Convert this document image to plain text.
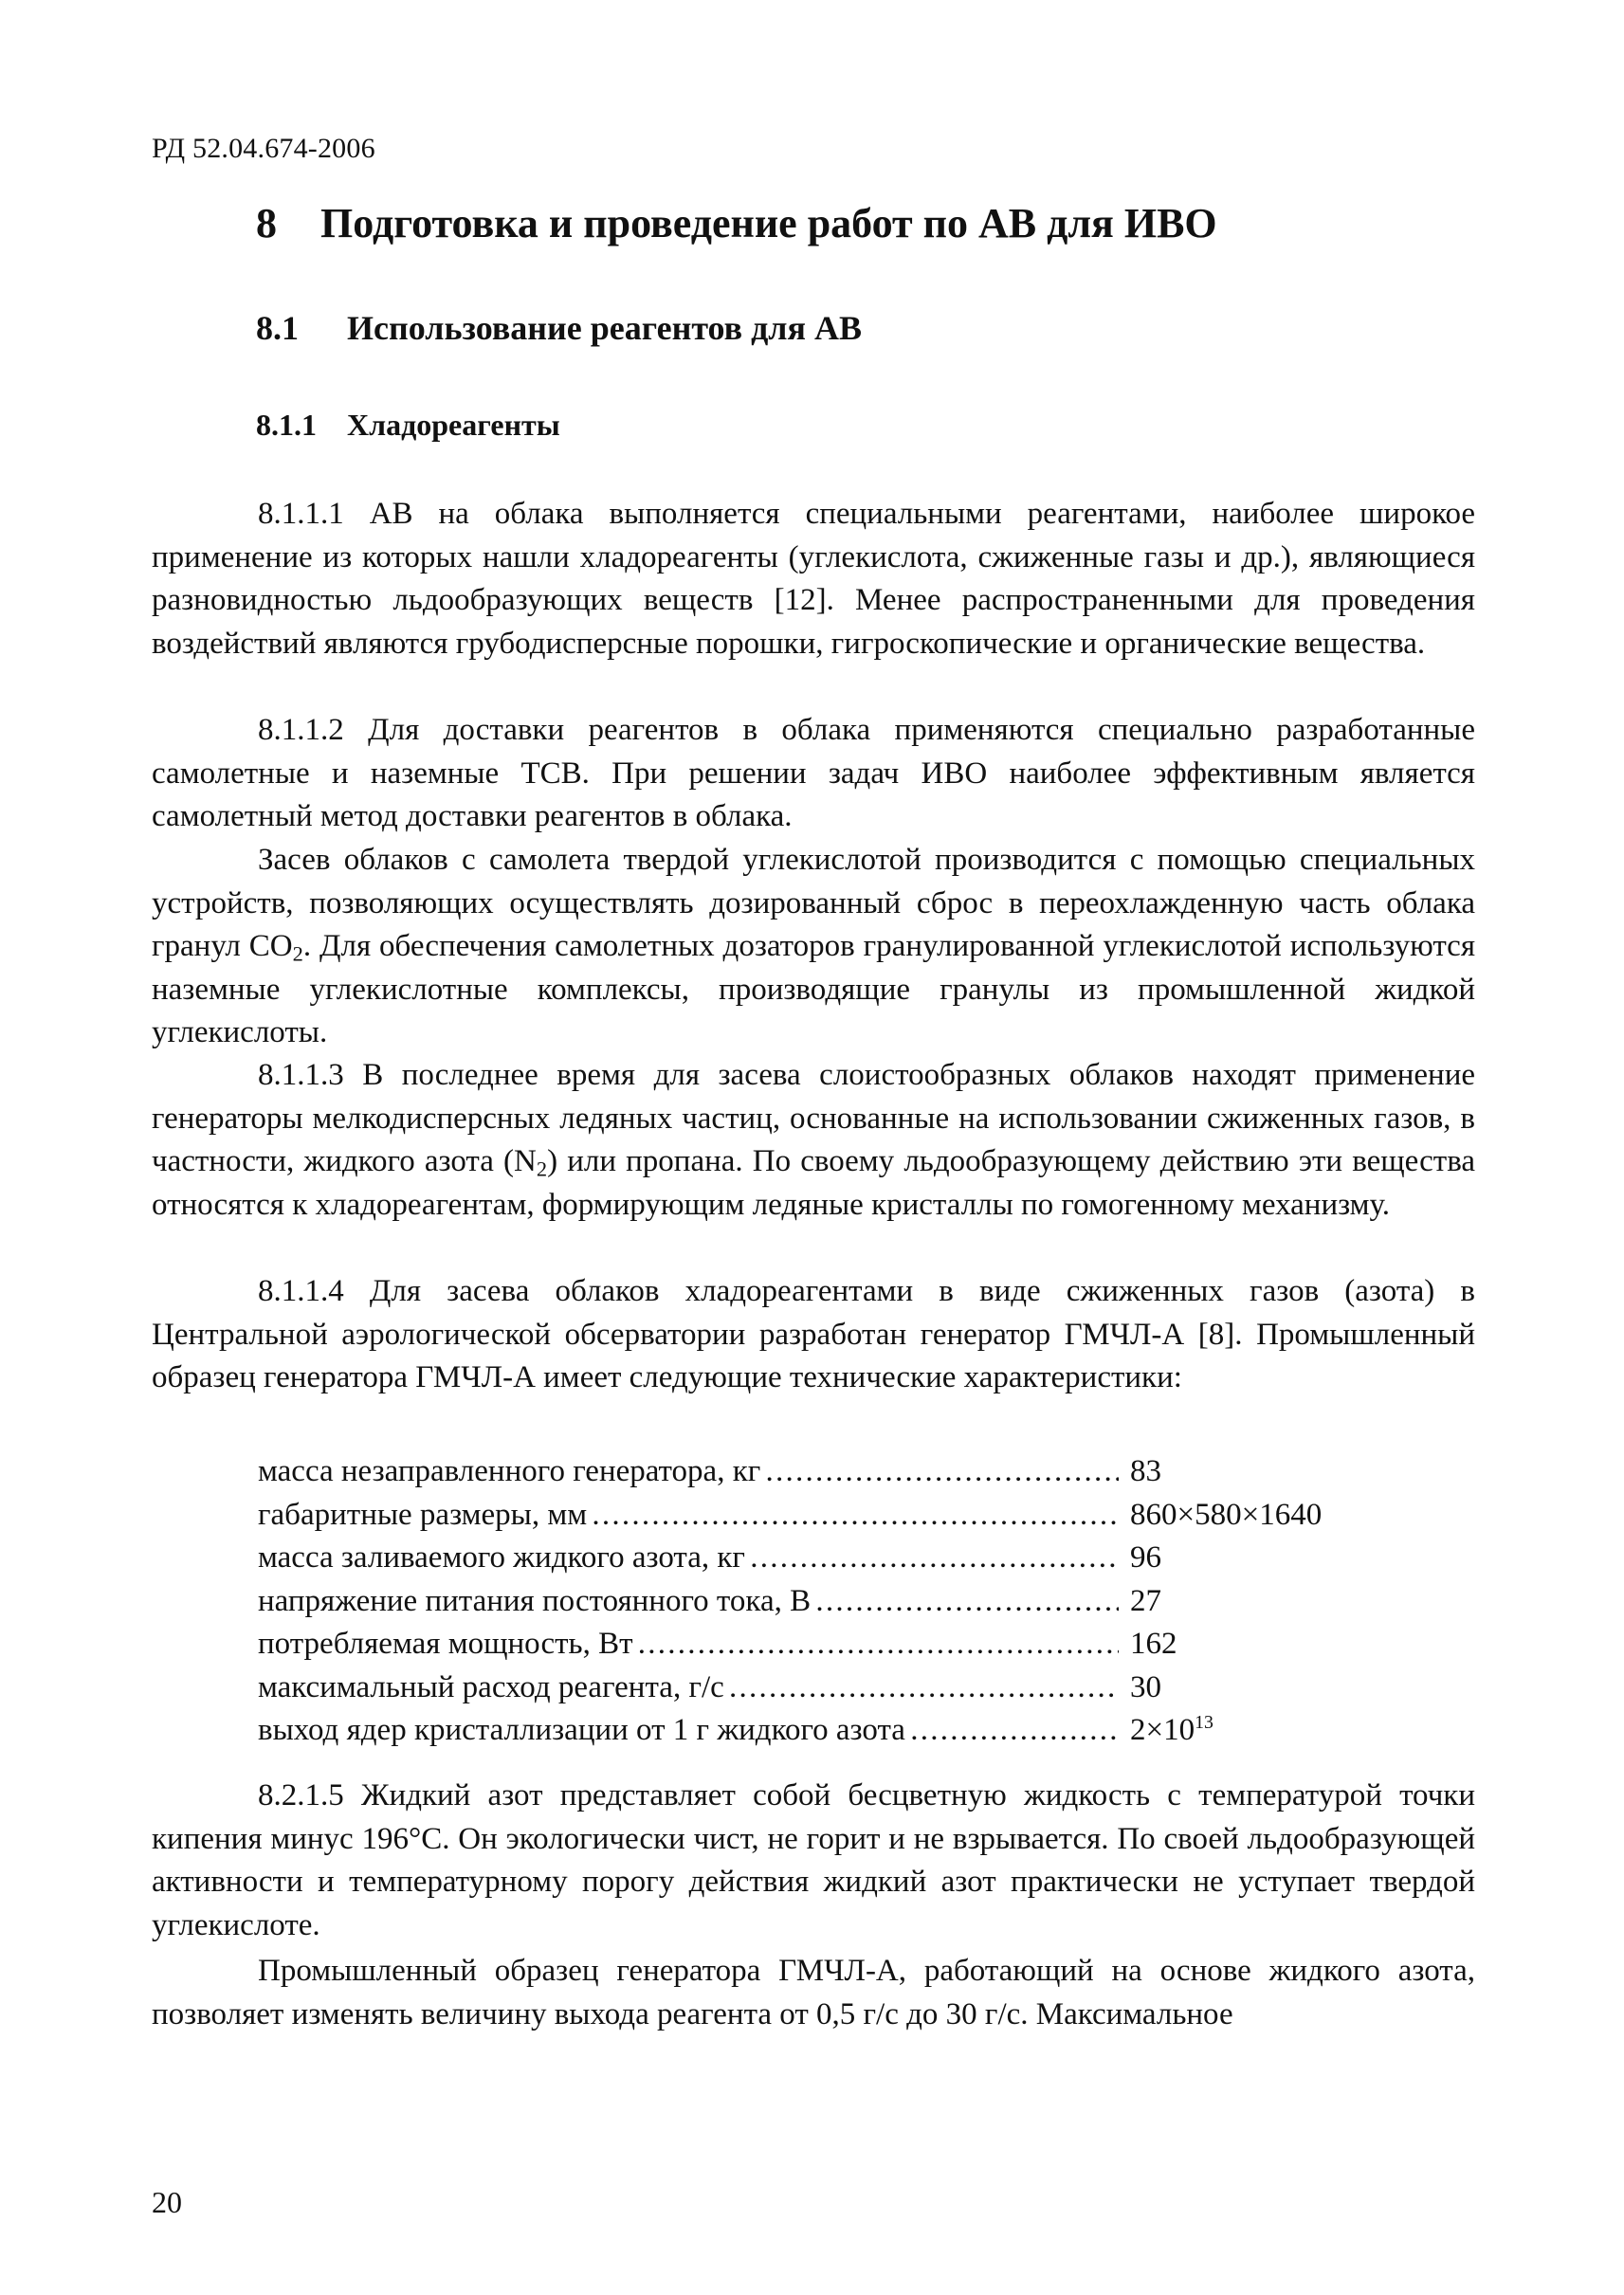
РД 52.04.674-2006
8 Подготовка и проведение работ по АВ для ИВО
8.1 Использование реагентов для АВ
8.1.1 Хладореагенты

8.1.1.1 АВ на облака выполняется специальными реагентами, наиболее широкое применение из которых нашли хладореагенты (углекислота, сжиженные газы и др.), являющиеся разновидностью льдообразующих веществ [12]. Менее распространенными для проведения воздействий являются грубодисперсные порошки, гигроскопические и органические вещества.

8.1.1.2 Для доставки реагентов в облака применяются специально разработанные самолетные и наземные ТСВ. При решении задач ИВО наиболее эффективным является самолетный метод доставки реагентов в облака.

Засев облаков с самолета твердой углекислотой производится с помощью специальных устройств, позволяющих осуществлять дозированный сброс в переохлажденную часть облака гранул $СО_2$. Для обеспечения самолетных дозаторов гранулированной углекислотой используются наземные углекислотные комплексы, производящие гранулы из промышленной жидкой углекислоты.

8.1.1.3 В последнее время для засева слоистообразных облаков находят применение генераторы мелкодисперсных ледяных частиц, основанные на использовании сжиженных газов, в частности, жидкого азота $(N_2)$ или пропана. По своему льдообразующему действию эти вещества относятся к хладореагентам, формирующим ледяные кристаллы по гомогенному механизму.

8.1.1.4 Для засева облаков хладореагентами в виде сжиженных газов (азота) в Центральной аэрологической обсерватории разработан генератор ГМЧЛ-А [8]. Промышленный образец генератора ГМЧЛ-А имеет следующие технические характеристики:

масса незаправленного генератора, кг . . .	83
габаритные размеры, мм . . .	860×580×1640
масса заливаемого жидкого азота, кг . . .	96
напряжение питания постоянного тока, В . . .	27
потребляемая мощность, Вт . . .	162
максимальный расход реагента, г/с . . .	30
выход ядер кристаллизации от 1 г жидкого азота . . .	$2\times 10^{13}$

8.2.1.5 Жидкий азот представляет собой бесцветную жидкость с температурой точки кипения минус 196°С. Он экологически чист, не горит и не взрывается. По своей льдообразующей активности и температурному порогу действия жидкий азот практически не уступает твердой углекислоте.

Промышленный образец генератора ГМЧЛ-А, работающий на основе жидкого азота, позволяет изменять величину выхода реагента от 0,5 г/с до 30 г/с. Максимальное

20
